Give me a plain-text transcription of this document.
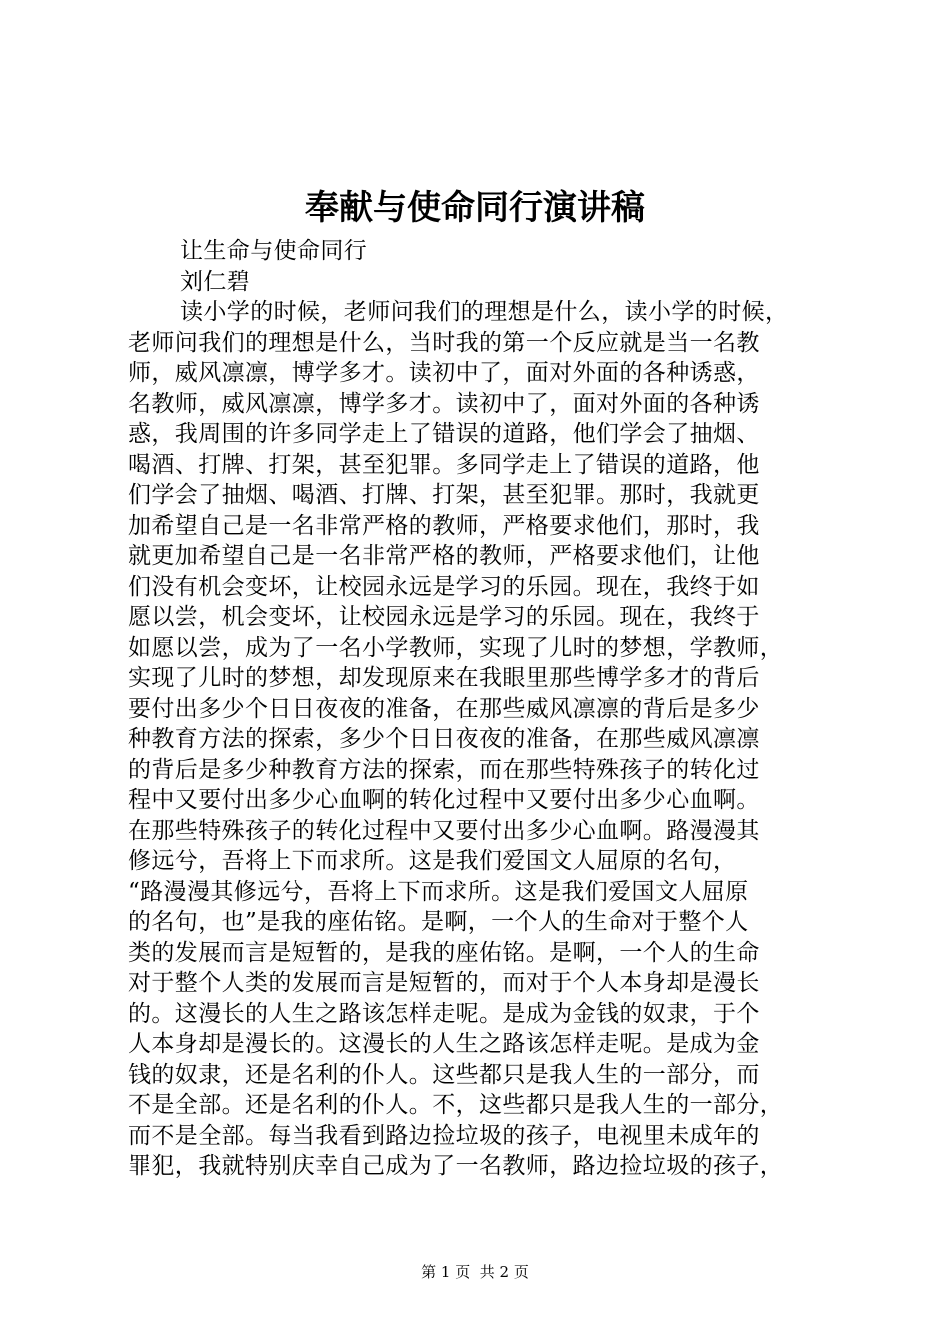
奉献与使命同行演讲稿
让生命与使命同行
刘仁碧
读小学的时候，老师问我们的理想是什么，读小学的时候，
老师问我们的理想是什么，当时我的第一个反应就是当一名教
师，威风凛凛，博学多才。读初中了，面对外面的各种诱惑，
名教师，威风凛凛，博学多才。读初中了，面对外面的各种诱
惑，我周围的许多同学走上了错误的道路，他们学会了抽烟、
喝酒、打牌、打架，甚至犯罪。多同学走上了错误的道路，他
们学会了抽烟、喝酒、打牌、打架，甚至犯罪。那时，我就更
加希望自己是一名非常严格的教师，严格要求他们，那时，我
就更加希望自己是一名非常严格的教师，严格要求他们，让他
们没有机会变坏，让校园永远是学习的乐园。现在，我终于如
愿以尝，机会变坏，让校园永远是学习的乐园。现在，我终于
如愿以尝，成为了一名小学教师，实现了儿时的梦想，学教师，
实现了儿时的梦想，却发现原来在我眼里那些博学多才的背后
要付出多少个日日夜夜的准备，在那些威风凛凛的背后是多少
种教育方法的探索，多少个日日夜夜的准备，在那些威风凛凛
的背后是多少种教育方法的探索，而在那些特殊孩子的转化过
程中又要付出多少心血啊的转化过程中又要付出多少心血啊。
在那些特殊孩子的转化过程中又要付出多少心血啊。路漫漫其
修远兮，吾将上下而求所。这是我们爱国文人屈原的名句，
“路漫漫其修远兮，吾将上下而求所。这是我们爱国文人屈原
的名句，也”是我的座佑铭。是啊，一个人的生命对于整个人
类的发展而言是短暂的，是我的座佑铭。是啊，一个人的生命
对于整个人类的发展而言是短暂的，而对于个人本身却是漫长
的。这漫长的人生之路该怎样走呢。是成为金钱的奴隶，于个
人本身却是漫长的。这漫长的人生之路该怎样走呢。是成为金
钱的奴隶，还是名利的仆人。这些都只是我人生的一部分，而
不是全部。还是名利的仆人。不，这些都只是我人生的一部分，
而不是全部。每当我看到路边捡垃圾的孩子，电视里未成年的
罪犯，我就特别庆幸自己成为了一名教师，路边捡垃圾的孩子，
第 1 页  共 2 页
